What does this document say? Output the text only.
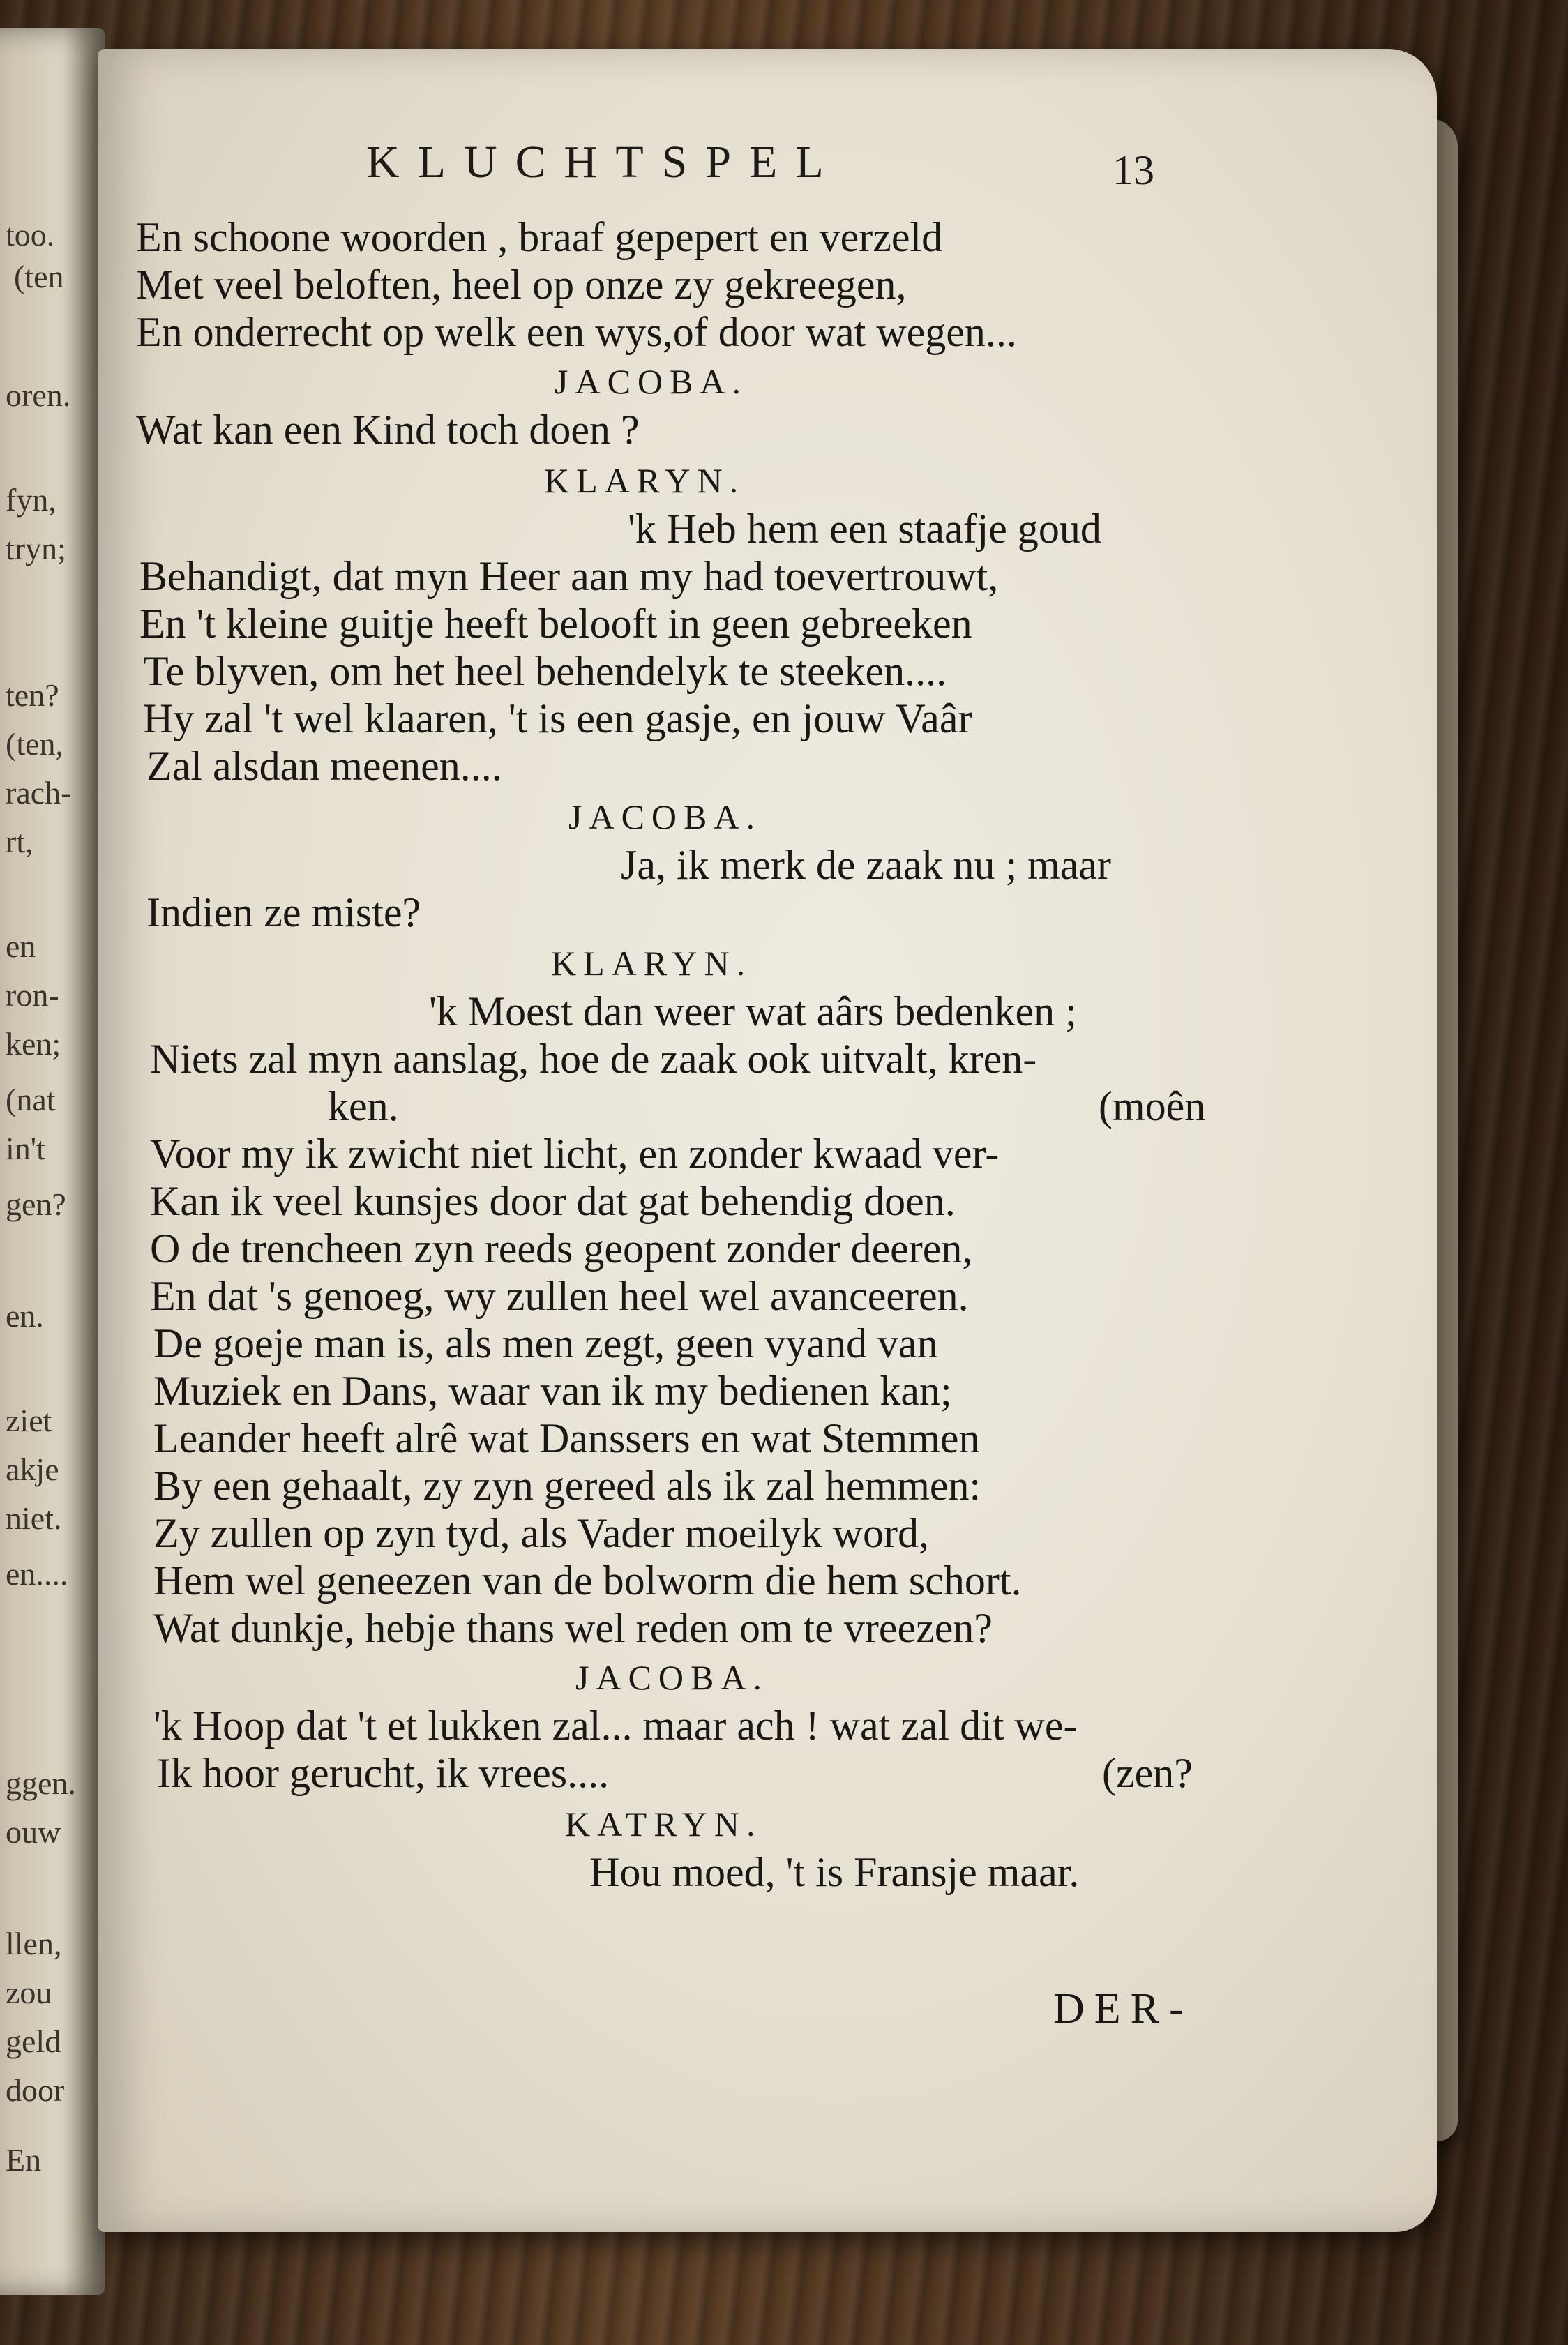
too.
(ten
oren.
fyn,
tryn;
ten?
(ten,
rach-
rt,
en
ron-
ken;
(nat
in't
gen?
en.
ziet
akje
niet.
en....
ggen.
ouw
llen,
zou
geld
door
En
KLUCHTSPEL	13
En schoone woorden , braaf gepepert en verzeld
Met veel beloften, heel op onze zy gekreegen,
En onderrecht op welk een wys,of door wat wegen...
JACOBA.
Wat kan een Kind toch doen ?
KLARYN.
'k Heb hem een staafje goud
Behandigt, dat myn Heer aan my had toevertrouwt,
En 't kleine guitje heeft belooft in geen gebreeken
Te blyven, om het heel behendelyk te steeken....
Hy zal 't wel klaaren, 't is een gasje, en jouw Vaâr
Zal alsdan meenen....
JACOBA.
Ja, ik merk de zaak nu ; maar
Indien ze miste?
KLARYN.
'k Moest dan weer wat aârs bedenken ;
Niets zal myn aanslag, hoe de zaak ook uitvalt, kren-
ken.	(moên
Voor my ik zwicht niet licht, en zonder kwaad ver-
Kan ik veel kunsjes door dat gat behendig doen.
O de trencheen zyn reeds geopent zonder deeren,
En dat 's genoeg, wy zullen heel wel avanceeren.
De goeje man is, als men zegt, geen vyand van
Muziek en Dans, waar van ik my bedienen kan;
Leander heeft alrê wat Danssers en wat Stemmen
By een gehaalt, zy zyn gereed als ik zal hemmen:
Zy zullen op zyn tyd, als Vader moeilyk word,
Hem wel geneezen van de bolworm die hem schort.
Wat dunkje, hebje thans wel reden om te vreezen?
JACOBA.
'k Hoop dat 't et lukken zal... maar ach ! wat zal dit we-
Ik hoor gerucht, ik vrees....	(zen?
KATRYN.
Hou moed, 't is Fransje maar.
DER-
